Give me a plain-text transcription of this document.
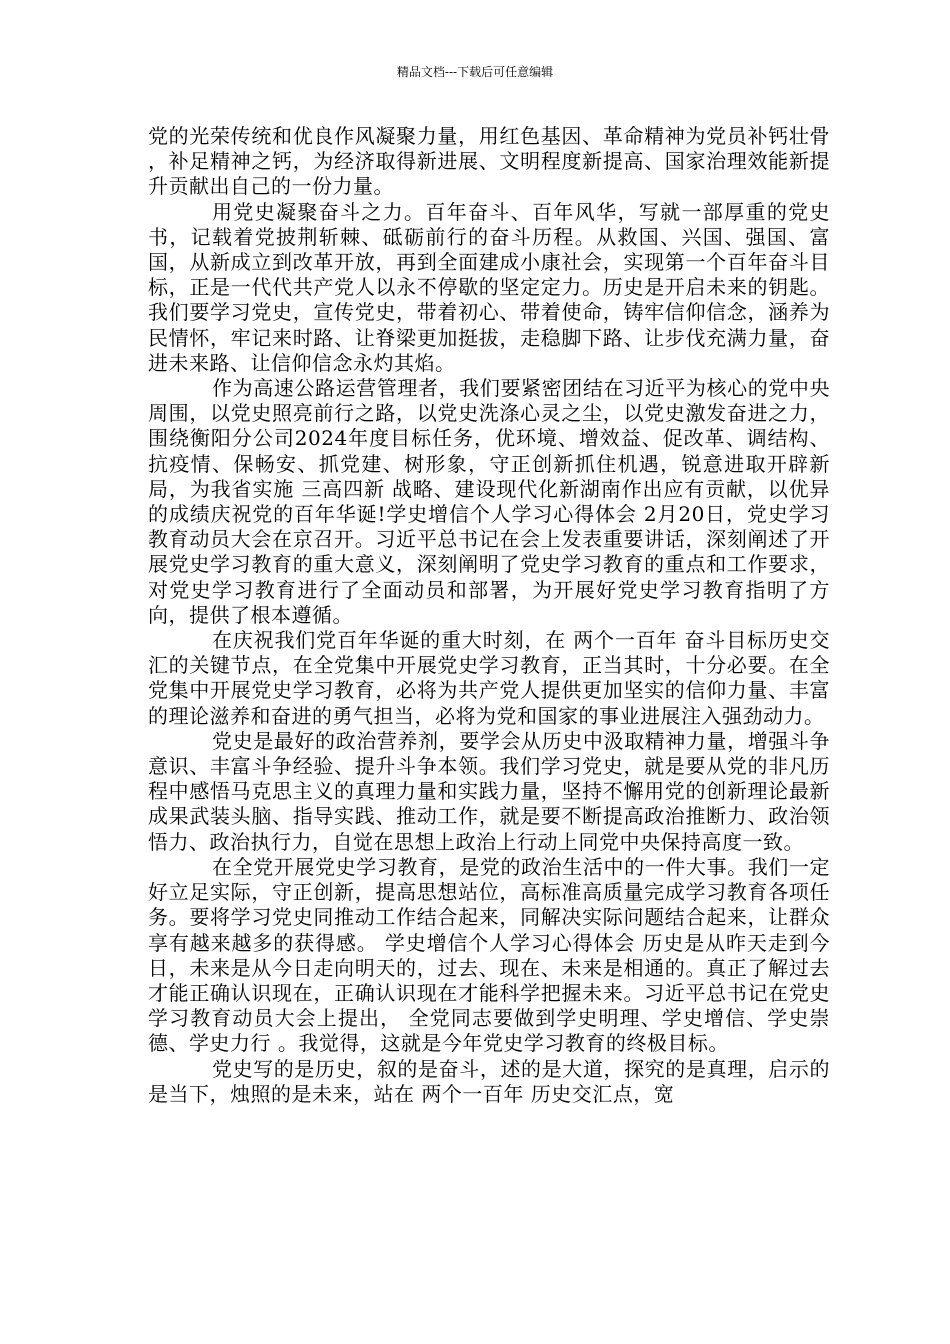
精品文档---下载后可任意编辑

党的光荣传统和优良作风凝聚力量，用红色基因、革命精神为党员补钙壮骨 ，补足精神之钙，为经济取得新进展、文明程度新提高、国家治理效能新提升贡献出自己的一份力量。

用党史凝聚奋斗之力。百年奋斗、百年风华，写就一部厚重的党史书，记载着党披荆斩棘、砥砺前行的奋斗历程。从救国、兴国、强国、富国，从新成立到改革开放，再到全面建成小康社会，实现第一个百年奋斗目标，正是一代代共产党人以永不停歇的坚定定力。历史是开启未来的钥匙。我们要学习党史，宣传党史，带着初心、带着使命，铸牢信仰信念，涵养为民情怀，牢记来时路、让脊梁更加挺拔，走稳脚下路、让步伐充满力量，奋进未来路、让信仰信念永灼其焰。

作为高速公路运营管理者，我们要紧密团结在习近平为核心的党中央周围，以党史照亮前行之路，以党史洗涤心灵之尘，以党史激发奋进之力，围绕衡阳分公司2024年度目标任务，优环境、增效益、促改革、调结构、抗疫情、保畅安、抓党建、树形象，守正创新抓住机遇，锐意进取开辟新局，为我省实施 三高四新 战略、建设现代化新湖南作出应有贡献，以优异的成绩庆祝党的百年华诞!学史增信个人学习心得体会 2月20日，党史学习教育动员大会在京召开。习近平总书记在会上发表重要讲话，深刻阐述了开展党史学习教育的重大意义，深刻阐明了党史学习教育的重点和工作要求，对党史学习教育进行了全面动员和部署，为开展好党史学习教育指明了方向，提供了根本遵循。

在庆祝我们党百年华诞的重大时刻，在 两个一百年 奋斗目标历史交汇的关键节点，在全党集中开展党史学习教育，正当其时，十分必要。在全党集中开展党史学习教育，必将为共产党人提供更加坚实的信仰力量、丰富的理论滋养和奋进的勇气担当，必将为党和国家的事业进展注入强劲动力。

党史是最好的政治营养剂，要学会从历史中汲取精神力量，增强斗争意识、丰富斗争经验、提升斗争本领。我们学习党史，就是要从党的非凡历程中感悟马克思主义的真理力量和实践力量，坚持不懈用党的创新理论最新成果武装头脑、指导实践、推动工作，就是要不断提高政治推断力、政治领悟力、政治执行力，自觉在思想上政治上行动上同党中央保持高度一致。

在全党开展党史学习教育，是党的政治生活中的一件大事。我们一定好立足实际，守正创新，提高思想站位，高标准高质量完成学习教育各项任务。要将学习党史同推动工作结合起来，同解决实际问题结合起来，让群众享有越来越多的获得感。 学史增信个人学习心得体会 历史是从昨天走到今日，未来是从今日走向明天的，过去、现在、未来是相通的。真正了解过去才能正确认识现在，正确认识现在才能科学把握未来。习近平总书记在党史学习教育动员大会上提出， 全党同志要做到学史明理、学史增信、学史崇德、学史力行 。我觉得，这就是今年党史学习教育的终极目标。

党史写的是历史，叙的是奋斗，述的是大道，探究的是真理，启示的是当下，烛照的是未来，站在 两个一百年 历史交汇点，宽
